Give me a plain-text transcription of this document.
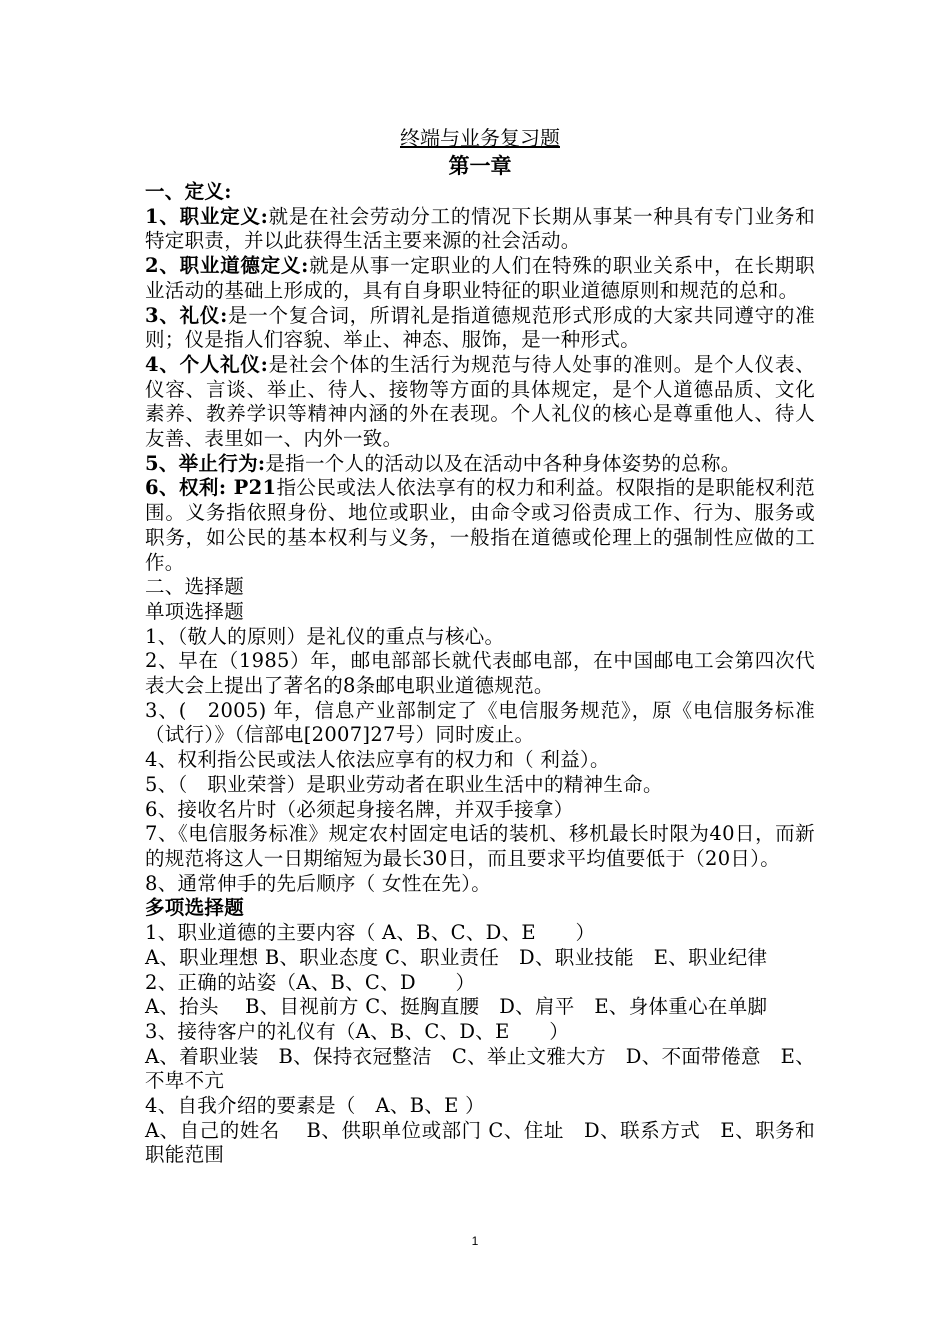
终端与业务复习题
第一章

一、定义:

1、职业定义:就是在社会劳动分工的情况下长期从事某一种具有专门业务和特定职责，并以此获得生活主要来源的社会活动。

2、职业道德定义:就是从事一定职业的人们在特殊的职业关系中，在长期职业活动的基础上形成的，具有自身职业特征的职业道德原则和规范的总和。

3、礼仪:是一个复合词，所谓礼是指道德规范形式形成的大家共同遵守的准则；仪是指人们容貌、举止、神态、服饰，是一种形式。

4、个人礼仪:是社会个体的生活行为规范与待人处事的准则。是个人仪表、仪容、言谈、举止、待人、接物等方面的具体规定，是个人道德品质、文化素养、教养学识等精神内涵的外在表现。个人礼仪的核心是尊重他人、待人友善、表里如一、内外一致。

5、举止行为:是指一个人的活动以及在活动中各种身体姿势的总称。

6、权利: P21指公民或法人依法享有的权力和利益。权限指的是职能权利范围。义务指依照身份、地位或职业，由命令或习俗责成工作、行为、服务或职务，如公民的基本权利与义务，一般指在道德或伦理上的强制性应做的工作。

二、选择题

单项选择题

1、（敬人的原则）是礼仪的重点与核心。

2、早在（1985）年，邮电部部长就代表邮电部，在中国邮电工会第四次代表大会上提出了著名的8条邮电职业道德规范。

3、(　2005) 年，信息产业部制定了《电信服务规范》，原《电信服务标准（试行）》（信部电[2007]27号）同时废止。

4、权利指公民或法人依法应享有的权力和（ 利益）。

5、（　职业荣誉）是职业劳动者在职业生活中的精神生命。

6、接收名片时（必须起身接名牌，并双手接拿）

7、《电信服务标准》规定农村固定电话的装机、移机最长时限为40日，而新的规范将这人一日期缩短为最长30日，而且要求平均值要低于（20日）。

8、通常伸手的先后顺序（ 女性在先）。

多项选择题

1、职业道德的主要内容（ A、B、C、D、E　　）

A、职业理想 B、职业态度 C、职业责任　D、职业技能　E、职业纪律

2、正确的站姿（A、B、C、D　　）

A、抬头　 B、目视前方 C、挺胸直腰　D、肩平　E、身体重心在单脚

3、接待客户的礼仪有（A、B、C、D、E　　）

A、着职业装　B、保持衣冠整洁　C、举止文雅大方　D、不面带倦意　E、不卑不亢

4、自我介绍的要素是（　A、B、E ）

A、自己的姓名　 B、供职单位或部门 C、住址　D、联系方式　E、职务和职能范围

1
